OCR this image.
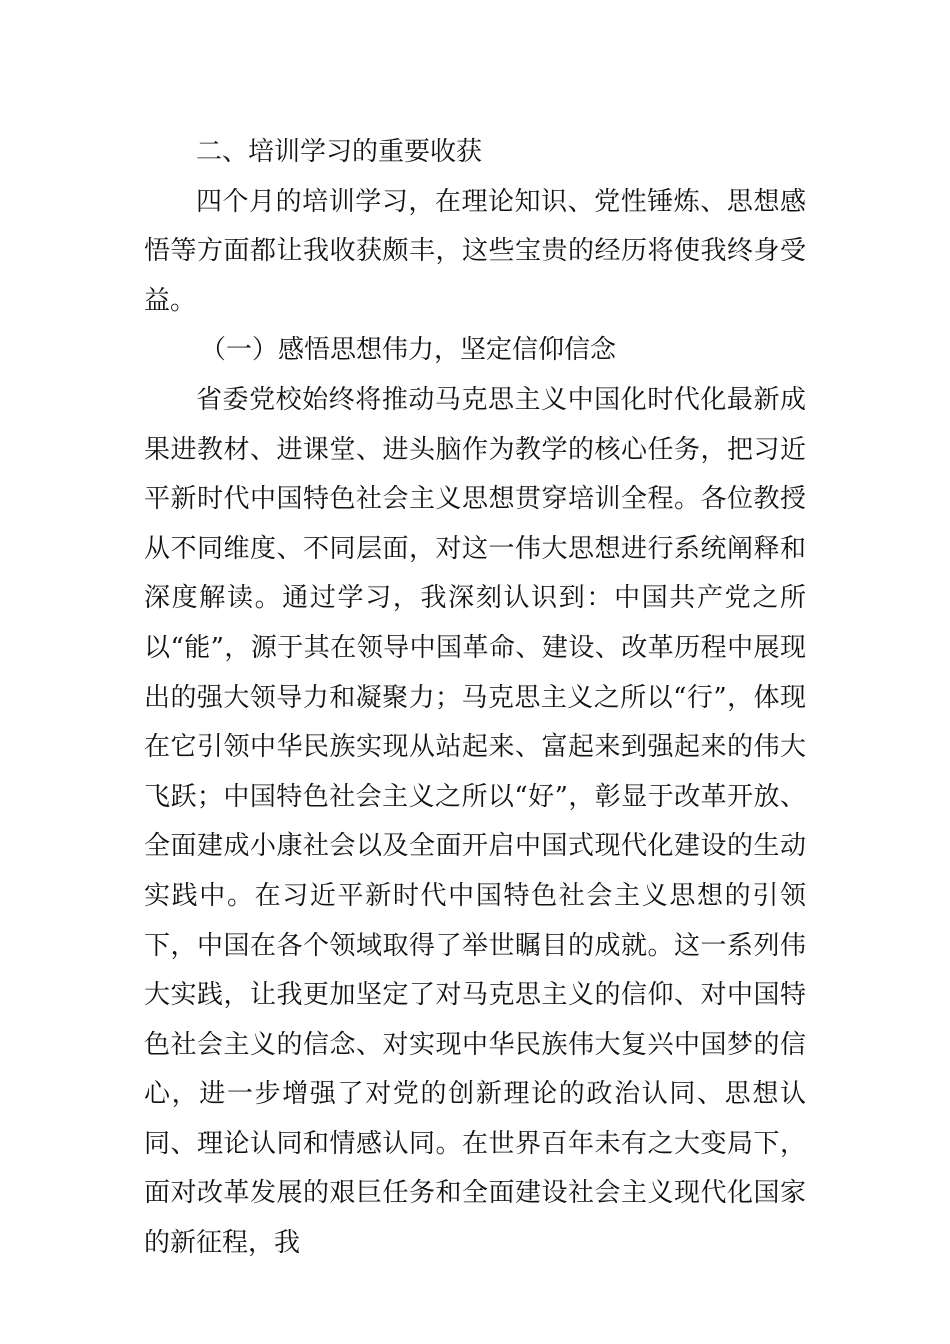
二、培训学习的重要收获

四个月的培训学习，在理论知识、党性锤炼、思想感悟等方面都让我收获颇丰，这些宝贵的经历将使我终身受益。

（一）感悟思想伟力，坚定信仰信念

省委党校始终将推动马克思主义中国化时代化最新成果进教材、进课堂、进头脑作为教学的核心任务，把习近平新时代中国特色社会主义思想贯穿培训全程。各位教授从不同维度、不同层面，对这一伟大思想进行系统阐释和深度解读。通过学习，我深刻认识到：中国共产党之所以“能”，源于其在领导中国革命、建设、改革历程中展现出的强大领导力和凝聚力；马克思主义之所以“行”，体现在它引领中华民族实现从站起来、富起来到强起来的伟大飞跃；中国特色社会主义之所以“好”，彰显于改革开放、全面建成小康社会以及全面开启中国式现代化建设的生动实践中。在习近平新时代中国特色社会主义思想的引领下，中国在各个领域取得了举世瞩目的成就。这一系列伟大实践，让我更加坚定了对马克思主义的信仰、对中国特色社会主义的信念、对实现中华民族伟大复兴中国梦的信心，进一步增强了对党的创新理论的政治认同、思想认同、理论认同和情感认同。在世界百年未有之大变局下，面对改革发展的艰巨任务和全面建设社会主义现代化国家的新征程，我
